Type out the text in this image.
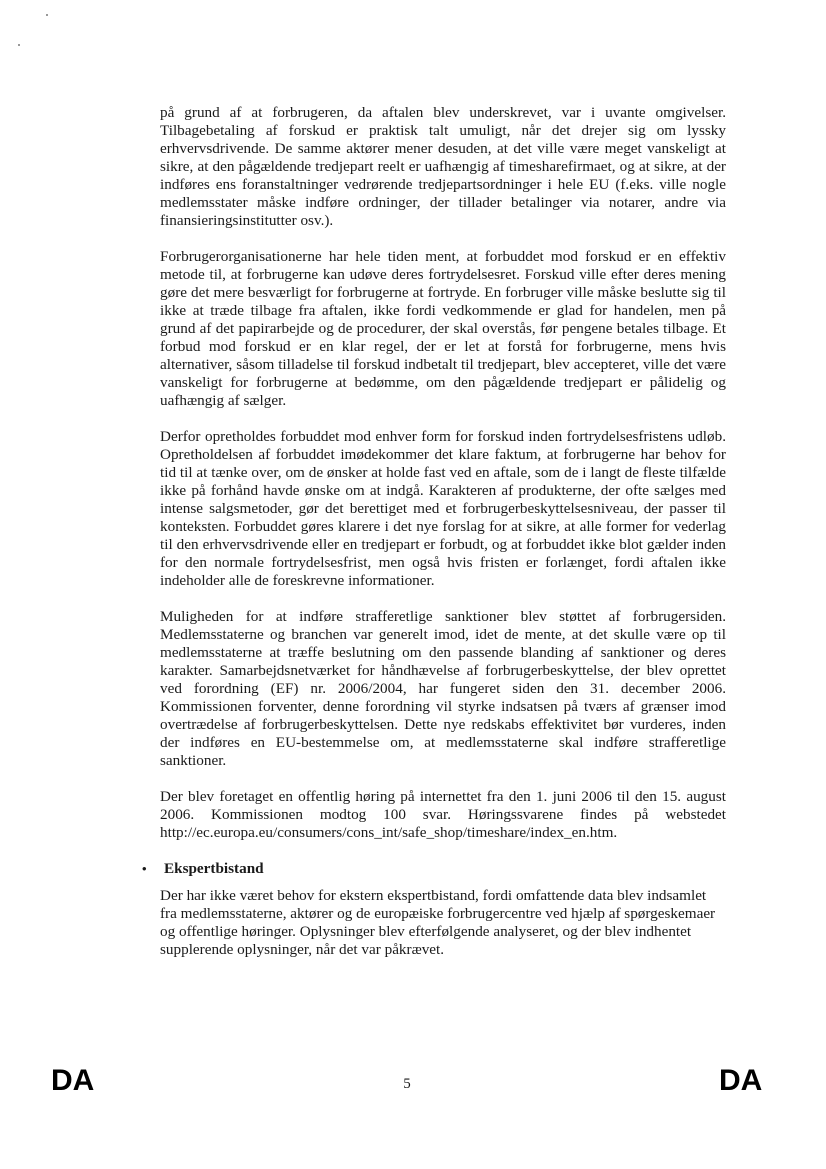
på grund af at forbrugeren, da aftalen blev underskrevet, var i uvante omgivelser. Tilbagebetaling af forskud er praktisk talt umuligt, når det drejer sig om lyssky erhvervsdrivende. De samme aktører mener desuden, at det ville være meget vanskeligt at sikre, at den pågældende tredjepart reelt er uafhængig af timesharefirmaet, og at sikre, at der indføres ens foranstaltninger vedrørende tredjepartsordninger i hele EU (f.eks. ville nogle medlemsstater måske indføre ordninger, der tillader betalinger via notarer, andre via finansieringsinstitutter osv.).

Forbrugerorganisationerne har hele tiden ment, at forbuddet mod forskud er en effektiv metode til, at forbrugerne kan udøve deres fortrydelsesret. Forskud ville efter deres mening gøre det mere besværligt for forbrugerne at fortryde. En forbruger ville måske beslutte sig til ikke at træde tilbage fra aftalen, ikke fordi vedkommende er glad for handelen, men på grund af det papirarbejde og de procedurer, der skal overstås, før pengene betales tilbage. Et forbud mod forskud er en klar regel, der er let at forstå for forbrugerne, mens hvis alternativer, såsom tilladelse til forskud indbetalt til tredjepart, blev accepteret, ville det være vanskeligt for forbrugerne at bedømme, om den pågældende tredjepart er pålidelig og uafhængig af sælger.

Derfor opretholdes forbuddet mod enhver form for forskud inden fortrydelsesfristens udløb. Opretholdelsen af forbuddet imødekommer det klare faktum, at forbrugerne har behov for tid til at tænke over, om de ønsker at holde fast ved en aftale, som de i langt de fleste tilfælde ikke på forhånd havde ønske om at indgå. Karakteren af produkterne, der ofte sælges med intense salgsmetoder, gør det berettiget med et forbrugerbeskyttelsesniveau, der passer til konteksten. Forbuddet gøres klarere i det nye forslag for at sikre, at alle former for vederlag til den erhvervsdrivende eller en tredjepart er forbudt, og at forbuddet ikke blot gælder inden for den normale fortrydelsesfrist, men også hvis fristen er forlænget, fordi aftalen ikke indeholder alle de foreskrevne informationer.

Muligheden for at indføre strafferetlige sanktioner blev støttet af forbrugersiden. Medlemsstaterne og branchen var generelt imod, idet de mente, at det skulle være op til medlemsstaterne at træffe beslutning om den passende blanding af sanktioner og deres karakter. Samarbejdsnetværket for håndhævelse af forbrugerbeskyttelse, der blev oprettet ved forordning (EF) nr. 2006/2004, har fungeret siden den 31. december 2006. Kommissionen forventer, denne forordning vil styrke indsatsen på tværs af grænser imod overtrædelse af forbrugerbeskyttelsen. Dette nye redskabs effektivitet bør vurderes, inden der indføres en EU-bestemmelse om, at medlemsstaterne skal indføre strafferetlige sanktioner.

Der blev foretaget en offentlig høring på internettet fra den 1. juni 2006 til den 15. august 2006. Kommissionen modtog 100 svar. Høringssvarene findes på webstedet http://ec.europa.eu/consumers/cons_int/safe_shop/timeshare/index_en.htm.

•	Ekspertbistand

Der har ikke været behov for ekstern ekspertbistand, fordi omfattende data blev indsamlet fra medlemsstaterne, aktører og de europæiske forbrugercentre ved hjælp af spørgeskemaer og offentlige høringer. Oplysninger blev efterfølgende analyseret, og der blev indhentet supplerende oplysninger, når det var påkrævet.

DA	5	DA
